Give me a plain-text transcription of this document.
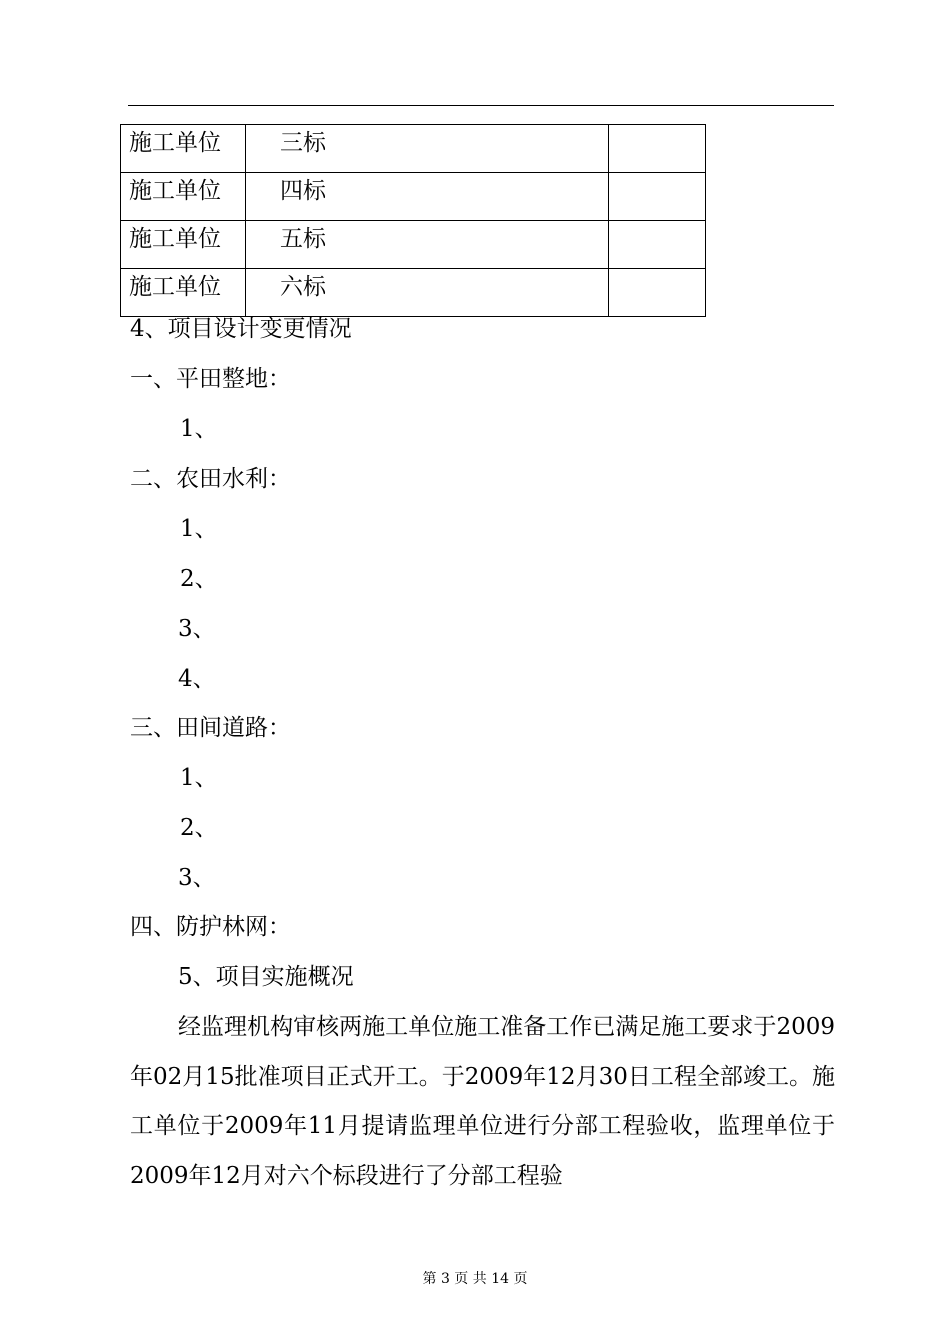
施工单位	三标	
施工单位	四标	
施工单位	五标	
施工单位	六标	
4、项目设计变更情况
一、平田整地：
1、
二、农田水利：
1、
2、
3、
4、
三、田间道路：
1、
2、
3、
四、防护林网：
5、项目实施概况
经监理机构审核两施工单位施工准备工作已满足施工要求于2009年02月15批准项目正式开工。于2009年12月30日工程全部竣工。施工单位于2009年11月提请监理单位进行分部工程验收，监理单位于2009年12月对六个标段进行了分部工程验
第 3 页 共 14 页
